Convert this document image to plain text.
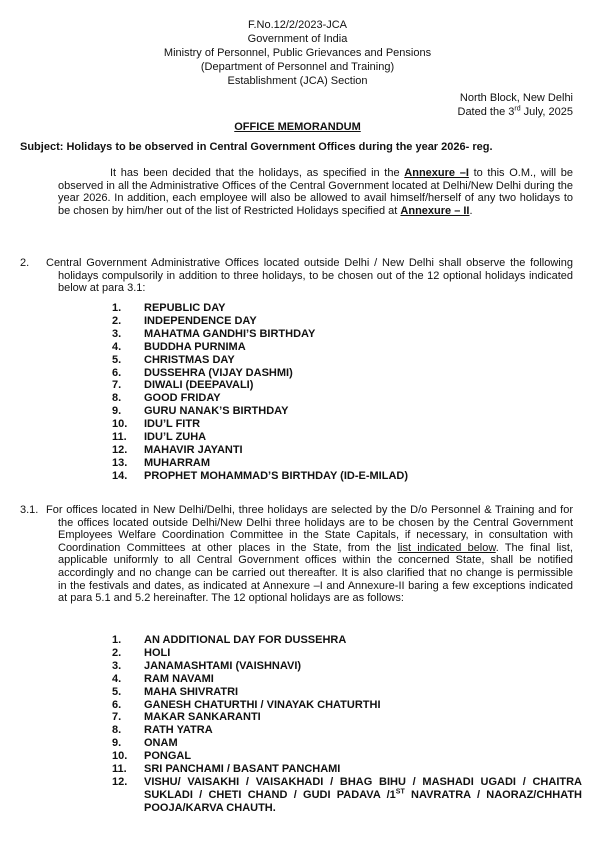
F.No.12/2/2023-JCA
Government of India
Ministry of Personnel, Public Grievances and Pensions
(Department of Personnel and Training)
Establishment (JCA) Section
North Block, New Delhi
Dated the 3rd July, 2025
OFFICE MEMORANDUM
Subject: Holidays to be observed in Central Government Offices during the year 2026- reg.
It has been decided that the holidays, as specified in the Annexure –I to this O.M., will be observed in all the Administrative Offices of the Central Government located at Delhi/New Delhi during the year 2026. In addition, each employee will also be allowed to avail himself/herself of any two holidays to be chosen by him/her out of the list of Restricted Holidays specified at Annexure – II.
2. Central Government Administrative Offices located outside Delhi / New Delhi shall observe the following holidays compulsorily in addition to three holidays, to be chosen out of the 12 optional holidays indicated below at para 3.1:
1.	REPUBLIC DAY
2.	INDEPENDENCE DAY
3.	MAHATMA GANDHI’S BIRTHDAY
4.	BUDDHA PURNIMA
5.	CHRISTMAS DAY
6.	DUSSEHRA (VIJAY DASHMI)
7.	DIWALI (DEEPAVALI)
8.	GOOD FRIDAY
9.	GURU NANAK’S BIRTHDAY
10.	IDU’L FITR
11.	IDU’L ZUHA
12.	MAHAVIR JAYANTI
13.	MUHARRAM
14.	PROPHET MOHAMMAD’S BIRTHDAY (ID-E-MILAD)
3.1. For offices located in New Delhi/Delhi, three holidays are selected by the D/o Personnel & Training and for the offices located outside Delhi/New Delhi three holidays are to be chosen by the Central Government Employees Welfare Coordination Committee in the State Capitals, if necessary, in consultation with Coordination Committees at other places in the State, from the list indicated below. The final list, applicable uniformly to all Central Government offices within the concerned State, shall be notified accordingly and no change can be carried out thereafter. It is also clarified that no change is permissible in the festivals and dates, as indicated at Annexure –I and Annexure-II baring a few exceptions indicated at para 5.1 and 5.2 hereinafter. The 12 optional holidays are as follows:
1.	AN ADDITIONAL DAY FOR DUSSEHRA
2.	HOLI
3.	JANAMASHTAMI (VAISHNAVI)
4.	RAM NAVAMI
5.	MAHA SHIVRATRI
6.	GANESH CHATURTHI / VINAYAK CHATURTHI
7.	MAKAR SANKARANTI
8.	RATH YATRA
9.	ONAM
10.	PONGAL
11.	SRI PANCHAMI / BASANT PANCHAMI
12.	VISHU/ VAISAKHI / VAISAKHADI / BHAG BIHU / MASHADI UGADI / CHAITRA SUKLADI / CHETI CHAND / GUDI PADAVA /1ST NAVRATRA / NAORAZ/CHHATH POOJA/KARVA CHAUTH.
